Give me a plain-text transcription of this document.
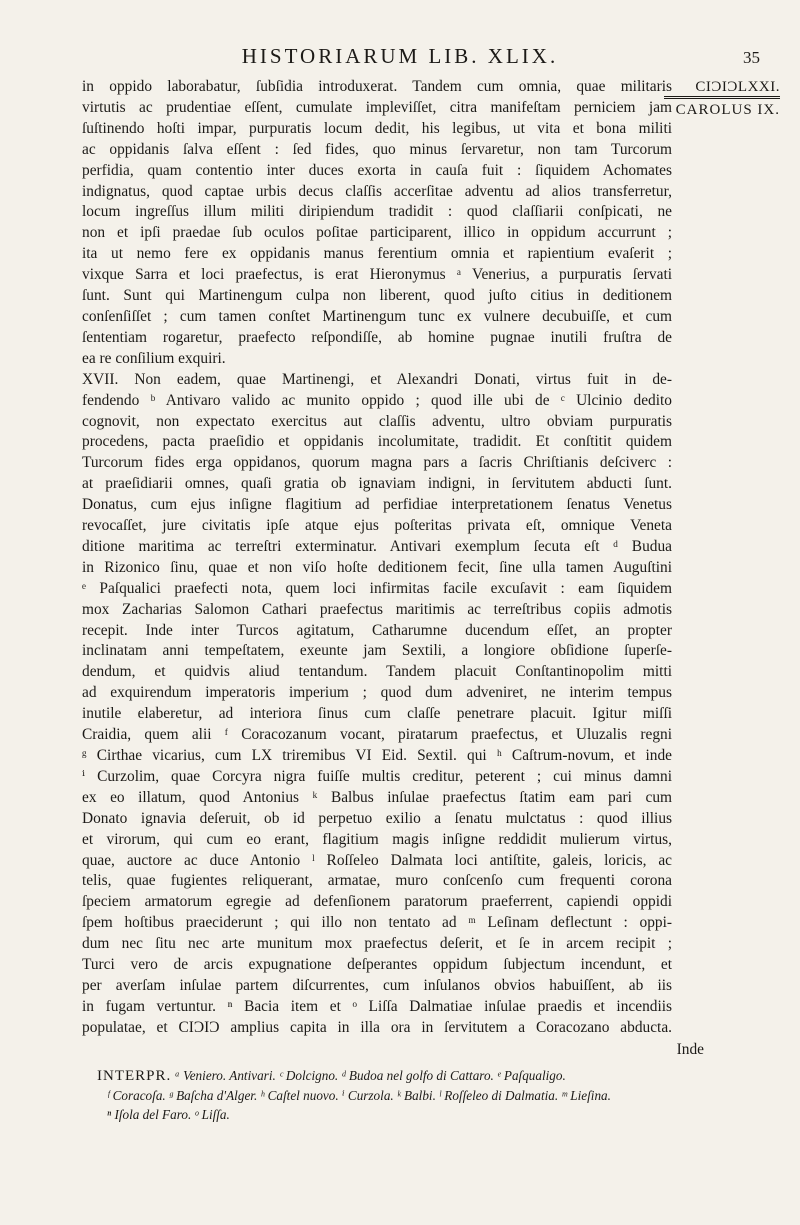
HISTORIARUM LIB. XLIX.	35
CIƆIƆLXXI.
CAROLUS IX.

in oppido laborabatur, ſubſidia introduxerat. Tandem cum omnia, quae militaris
virtutis ac prudentiae eſſent, cumulate impleviſſet, citra manifeſtam perniciem jam
ſuſtinendo hoſti impar, purpuratis locum dedit, his legibus, ut vita et bona militi
ac oppidanis ſalva eſſent : ſed fides, quo minus ſervaretur, non tam Turcorum
perfidia, quam contentio inter duces exorta in cauſa fuit : ſiquidem Achomates
indignatus, quod captae urbis decus claſſis accerſitae adventu ad alios transferretur,
locum ingreſſus illum militi diripiendum tradidit : quod claſſiarii conſpicati, ne
non et ipſi praedae ſub oculos poſitae participarent, illico in oppidum accurrunt ;
ita ut nemo fere ex oppidanis manus ferentium omnia et rapientium evaſerit ;
vixque Sarra et loci praefectus, is erat Hieronymus ᵃ Venerius, a purpuratis ſervati
ſunt. Sunt qui Martinengum culpa non liberent, quod juſto citius in deditionem
conſenſiſſet ; cum tamen conſtet Martinengum tunc ex vulnere decubuiſſe, et cum
ſententiam rogaretur, praefecto reſpondiſſe, ab homine pugnae inutili fruſtra de
ea re conſilium exquiri.

XVII. Non eadem, quae Martinengi, et Alexandri Donati, virtus fuit in de-
fendendo ᵇ Antivaro valido ac munito oppido ; quod ille ubi de ᶜ Ulcinio dedito
cognovit, non expectato exercitus aut claſſis adventu, ultro obviam purpuratis
procedens, pacta praeſidio et oppidanis incolumitate, tradidit. Et conſtitit quidem
Turcorum fides erga oppidanos, quorum magna pars a ſacris Chriſtianis deſciverc :
at praeſidiarii omnes, quaſi gratia ob ignaviam indigni, in ſervitutem abducti ſunt.
Donatus, cum ejus inſigne flagitium ad perfidiae interpretationem ſenatus Venetus
revocaſſet, jure civitatis ipſe atque ejus poſteritas privata eſt, omnique Veneta
ditione maritima ac terreſtri exterminatur. Antivari exemplum ſecuta eſt ᵈ Budua
in Rizonico ſinu, quae et non viſo hoſte deditionem fecit, ſine ulla tamen Auguſtini
ᵉ Paſqualici praefecti nota, quem loci infirmitas facile excuſavit : eam ſiquidem
mox Zacharias Salomon Cathari praefectus maritimis ac terreſtribus copiis admotis
recepit. Inde inter Turcos agitatum, Catharumne ducendum eſſet, an propter
inclinatam anni tempeſtatem, exeunte jam Sextili, a longiore obſidione ſuperſe-
dendum, et quidvis aliud tentandum. Tandem placuit Conſtantinopolim mitti
ad exquirendum imperatoris imperium ; quod dum adveniret, ne interim tempus
inutile elaberetur, ad interiora ſinus cum claſſe penetrare placuit. Igitur miſſi
Craidia, quem alii ᶠ Coracozanum vocant, piratarum praefectus, et Uluzalis regni
ᵍ Cirthae vicarius, cum LX triremibus VI Eid. Sextil. qui ʰ Caſtrum-novum, et inde
ⁱ Curzolim, quae Corcyra nigra fuiſſe multis creditur, peterent ; cui minus damni
ex eo illatum, quod Antonius ᵏ Balbus inſulae praefectus ſtatim eam pari cum
Donato ignavia deſeruit, ob id perpetuo exilio a ſenatu mulctatus : quod illius
et virorum, qui cum eo erant, flagitium magis inſigne reddidit mulierum virtus,
quae, auctore ac duce Antonio ˡ Roſſeleo Dalmata loci antiſtite, galeis, loricis, ac
telis, quae fugientes reliquerant, armatae, muro conſcenſo cum frequenti corona
ſpeciem armatorum egregie ad defenſionem paratorum praeferrent, capiendi oppidi
ſpem hoſtibus praeciderunt ; qui illo non tentato ad ᵐ Leſinam deflectunt : oppi-
dum nec ſitu nec arte munitum mox praefectus deſerit, et ſe in arcem recipit ;
Turci vero de arcis expugnatione deſperantes oppidum ſubjectum incendunt, et
per averſam inſulae partem diſcurrentes, cum inſulanos obvios habuiſſent, ab iis
in fugam vertuntur. ⁿ Bacia item et ᵒ Liſſa Dalmatiae inſulae praedis et incendiis
populatae, et CIƆIƆ amplius capita in illa ora in ſervitutem a Coracozano abducta.

Inde
INTERPR. ᵃ Veniero. Antivari. ᶜ Dolcigno. ᵈ Budoa nel golfo di Cattaro. ᵉ Paſqualigo.
ᶠ Coracoſa. ᵍ Baſcha d'Alger. ʰ Caſtel nuovo. ⁱ Curzola. ᵏ Balbi. ˡ Roſſeleo di Dalmatia. ᵐ Lieſina.
ⁿ Iſola del Faro. ᵒ Liſſa.
